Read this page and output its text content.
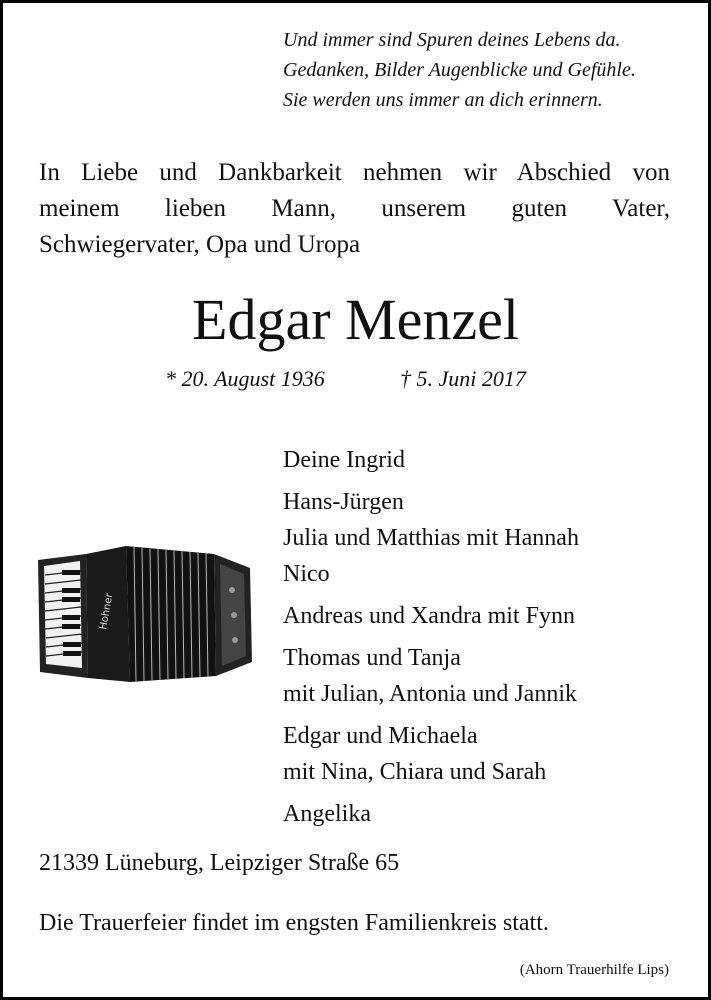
Und immer sind Spuren deines Lebens da.
Gedanken, Bilder Augenblicke und Gefühle.
Sie werden uns immer an dich erinnern.
In Liebe und Dankbarkeit nehmen wir Abschied von
meinem lieben Mann, unserem guten Vater,
Schwiegervater, Opa und Uropa
Edgar Menzel
* 20. August 1936	† 5. Juni 2017
Hohner
Deine Ingrid
Hans-Jürgen
Julia und Matthias mit Hannah
Nico
Andreas und Xandra mit Fynn
Thomas und Tanja
mit Julian, Antonia und Jannik
Edgar und Michaela
mit Nina, Chiara und Sarah
Angelika
21339 Lüneburg, Leipziger Straße 65
Die Trauerfeier findet im engsten Familienkreis statt.
(Ahorn Trauerhilfe Lips)
